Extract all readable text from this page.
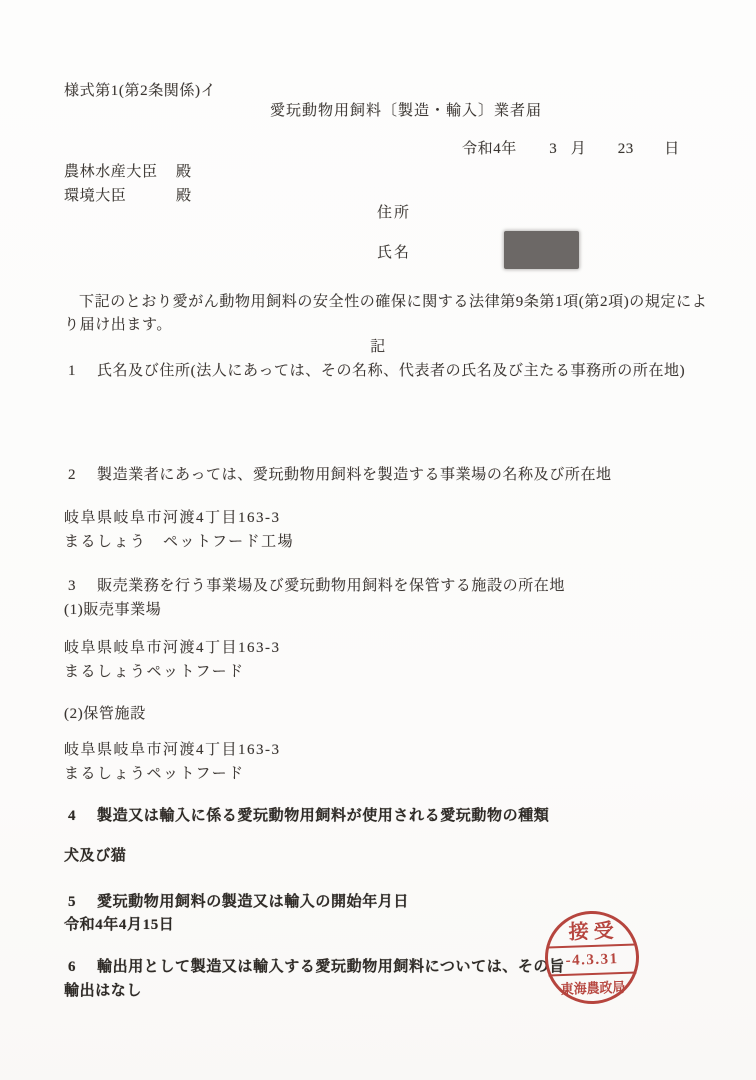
様式第1(第2条関係)イ
愛玩動物用飼料〔製造・輸入〕業者届
令和4年 3 月 23 日
農林水産大臣 殿
環境大臣	殿
住所
氏名
下記のとおり愛がん動物用飼料の安全性の確保に関する法律第9条第1項(第2項)の規定により届け出ます。
記
1	氏名及び住所(法人にあっては、その名称、代表者の氏名及び主たる事務所の所在地)
2	製造業者にあっては、愛玩動物用飼料を製造する事業場の名称及び所在地
岐阜県岐阜市河渡4丁目163-3
まるしょう　ペットフード工場
3	販売業務を行う事業場及び愛玩動物用飼料を保管する施設の所在地
(1)販売事業場
岐阜県岐阜市河渡4丁目163-3
まるしょうペットフード
(2)保管施設
岐阜県岐阜市河渡4丁目163-3
まるしょうペットフード
4	製造又は輸入に係る愛玩動物用飼料が使用される愛玩動物の種類
犬及び猫
5	愛玩動物用飼料の製造又は輸入の開始年月日
令和4年4月15日
6	輸出用として製造又は輸入する愛玩動物用飼料については、その旨
輸出はなし
接受
-4.3.31
東海農政局
